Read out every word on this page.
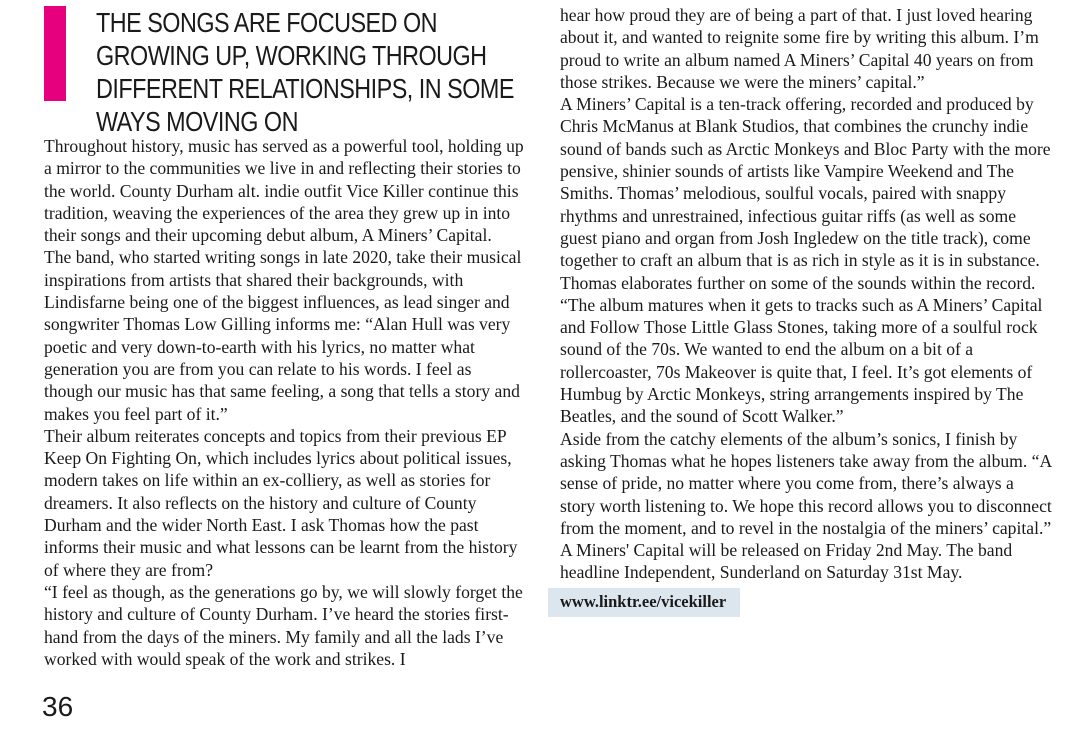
THE SONGS ARE FOCUSED ON GROWING UP, WORKING THROUGH DIFFERENT RELATIONSHIPS, IN SOME WAYS MOVING ON

Throughout history, music has served as a powerful tool, holding up a mirror to the communities we live in and reflecting their stories to the world. County Durham alt. indie outfit Vice Killer continue this tradition, weaving the experiences of the area they grew up in into their songs and their upcoming debut album, A Miners’ Capital.

The band, who started writing songs in late 2020, take their musical inspirations from artists that shared their backgrounds, with Lindisfarne being one of the biggest influences, as lead singer and songwriter Thomas Low Gilling informs me: “Alan Hull was very poetic and very down-to-earth with his lyrics, no matter what generation you are from you can relate to his words. I feel as though our music has that same feeling, a song that tells a story and makes you feel part of it.”

Their album reiterates concepts and topics from their previous EP Keep On Fighting On, which includes lyrics about political issues, modern takes on life within an ex-colliery, as well as stories for dreamers. It also reflects on the history and culture of County Durham and the wider North East. I ask Thomas how the past informs their music and what lessons can be learnt from the history of where they are from?

“I feel as though, as the generations go by, we will slowly forget the history and culture of County Durham. I’ve heard the stories first-hand from the days of the miners. My family and all the lads I’ve worked with would speak of the work and strikes. I

hear how proud they are of being a part of that. I just loved hearing about it, and wanted to reignite some fire by writing this album. I’m proud to write an album named A Miners’ Capital 40 years on from those strikes. Because we were the miners’ capital.”

A Miners’ Capital is a ten-track offering, recorded and produced by Chris McManus at Blank Studios, that combines the crunchy indie sound of bands such as Arctic Monkeys and Bloc Party with the more pensive, shinier sounds of artists like Vampire Weekend and The Smiths. Thomas’ melodious, soulful vocals, paired with snappy rhythms and unrestrained, infectious guitar riffs (as well as some guest piano and organ from Josh Ingledew on the title track), come together to craft an album that is as rich in style as it is in substance.

Thomas elaborates further on some of the sounds within the record. “The album matures when it gets to tracks such as A Miners’ Capital and Follow Those Little Glass Stones, taking more of a soulful rock sound of the 70s. We wanted to end the album on a bit of a rollercoaster, 70s Makeover is quite that, I feel. It’s got elements of Humbug by Arctic Monkeys, string arrangements inspired by The Beatles, and the sound of Scott Walker.”

Aside from the catchy elements of the album’s sonics, I finish by asking Thomas what he hopes listeners take away from the album. “A sense of pride, no matter where you come from, there’s always a story worth listening to. We hope this record allows you to disconnect from the moment, and to revel in the nostalgia of the miners’ capital.”

A Miners' Capital will be released on Friday 2nd May. The band headline Independent, Sunderland on Saturday 31st May.

www.linktr.ee/vicekiller
36
